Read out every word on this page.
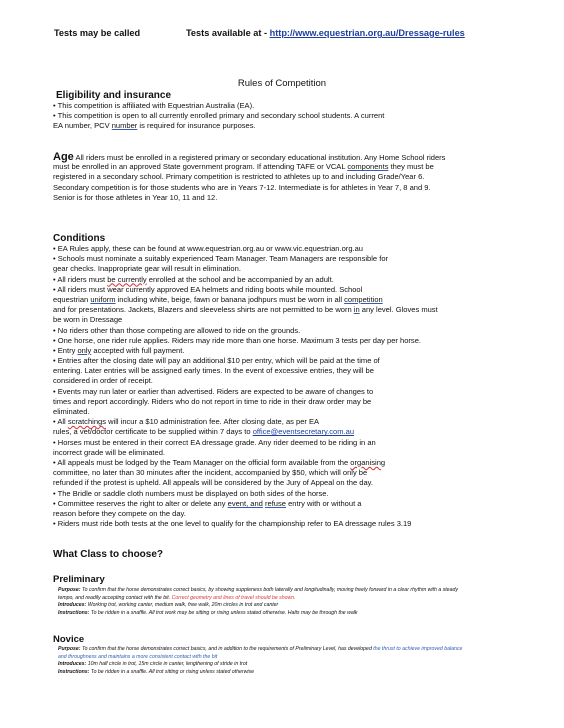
Tests may be called	Tests available at - http://www.equestrian.org.au/Dressage-rules
Rules of Competition
Eligibility and insurance
• This competition is affiliated with Equestrian Australia (EA).
• This competition is open to all currently enrolled primary and secondary school students. A current
EA number, PCV number is required for insurance purposes.
Age All riders must be enrolled in a registered primary or secondary educational institution. Any Home School riders
must be enrolled in an approved State government program. If attending TAFE or VCAL components they must be
registered in a secondary school. Primary competition is restricted to athletes up to and including Grade/Year 6.
Secondary competition is for those students who are in Years 7-12. Intermediate is for athletes in Year 7, 8 and 9.
Senior is for those athletes in Year 10, 11 and 12.
Conditions
• EA Rules apply, these can be found at www.equestrian.org.au or www.vic.equestrian.org.au
• Schools must nominate a suitably experienced Team Manager. Team Managers are responsible for
gear checks. Inappropriate gear will result in elimination.
• All riders must be currently enrolled at the school and be accompanied by an adult.
• All riders must wear currently approved EA helmets and riding boots while mounted. School
equestrian uniform including white, beige, fawn or banana jodhpurs must be worn in all competition
and for presentations. Jackets, Blazers and sleeveless shirts are not permitted to be worn in any level. Gloves must
be worn in Dressage
• No riders other than those competing are allowed to ride on the grounds.
• One horse, one rider rule applies. Riders may ride more than one horse. Maximum 3 tests per day per horse.
• Entry only accepted with full payment.
• Entries after the closing date will pay an additional $10 per entry, which will be paid at the time of
entering. Later entries will be assigned early times. In the event of excessive entries, they will be
considered in order of receipt.
• Events may run later or earlier than advertised. Riders are expected to be aware of changes to
times and report accordingly. Riders who do not report in time to ride in their draw order may be
eliminated.
• All scratchings will incur a $10 administration fee. After closing date, as per EA
rules, a vet/doctor certificate to be supplied within 7 days to office@eventsecretary.com.au
• Horses must be entered in their correct EA dressage grade. Any rider deemed to be riding in an
incorrect grade will be eliminated.
• All appeals must be lodged by the Team Manager on the official form available from the organising
committee, no later than 30 minutes after the incident, accompanied by $50, which will only be
refunded if the protest is upheld. All appeals will be considered by the Jury of Appeal on the day.
• The Bridle or saddle cloth numbers must be displayed on both sides of the horse.
• Committee reserves the right to alter or delete any event, and refuse entry with or without a
reason before they compete on the day.
• Riders must ride both tests at the one level to qualify for the championship refer to EA dressage rules 3.19
What Class to choose?
Preliminary
Purpose: To confirm that the horse demonstrates correct basics, by showing suppleness both laterally and longitudinally, moving freely forward in a clear rhythm with a steady
tempo, and readily accepting contact with the bit. Correct geometry and lines of travel should be shown.
Introduces: Working trot, working canter, medium walk, free walk, 20m circles in trot and canter
Instructions: To be ridden in a snaffle. All trot work may be sitting or rising unless stated otherwise. Halts may be through the walk
Novice
Purpose: To confirm that the horse demonstrates correct basics, and in addition to the requirements of Preliminary Level, has developed the thrust to achieve improved balance
and throughness and maintains a more consistent contact with the bit
Introduces: 10m half circle in trot, 15m circle in canter, lengthening of stride in trot
Instructions: To be ridden in a snaffle. All trot sitting or rising unless stated otherwise
